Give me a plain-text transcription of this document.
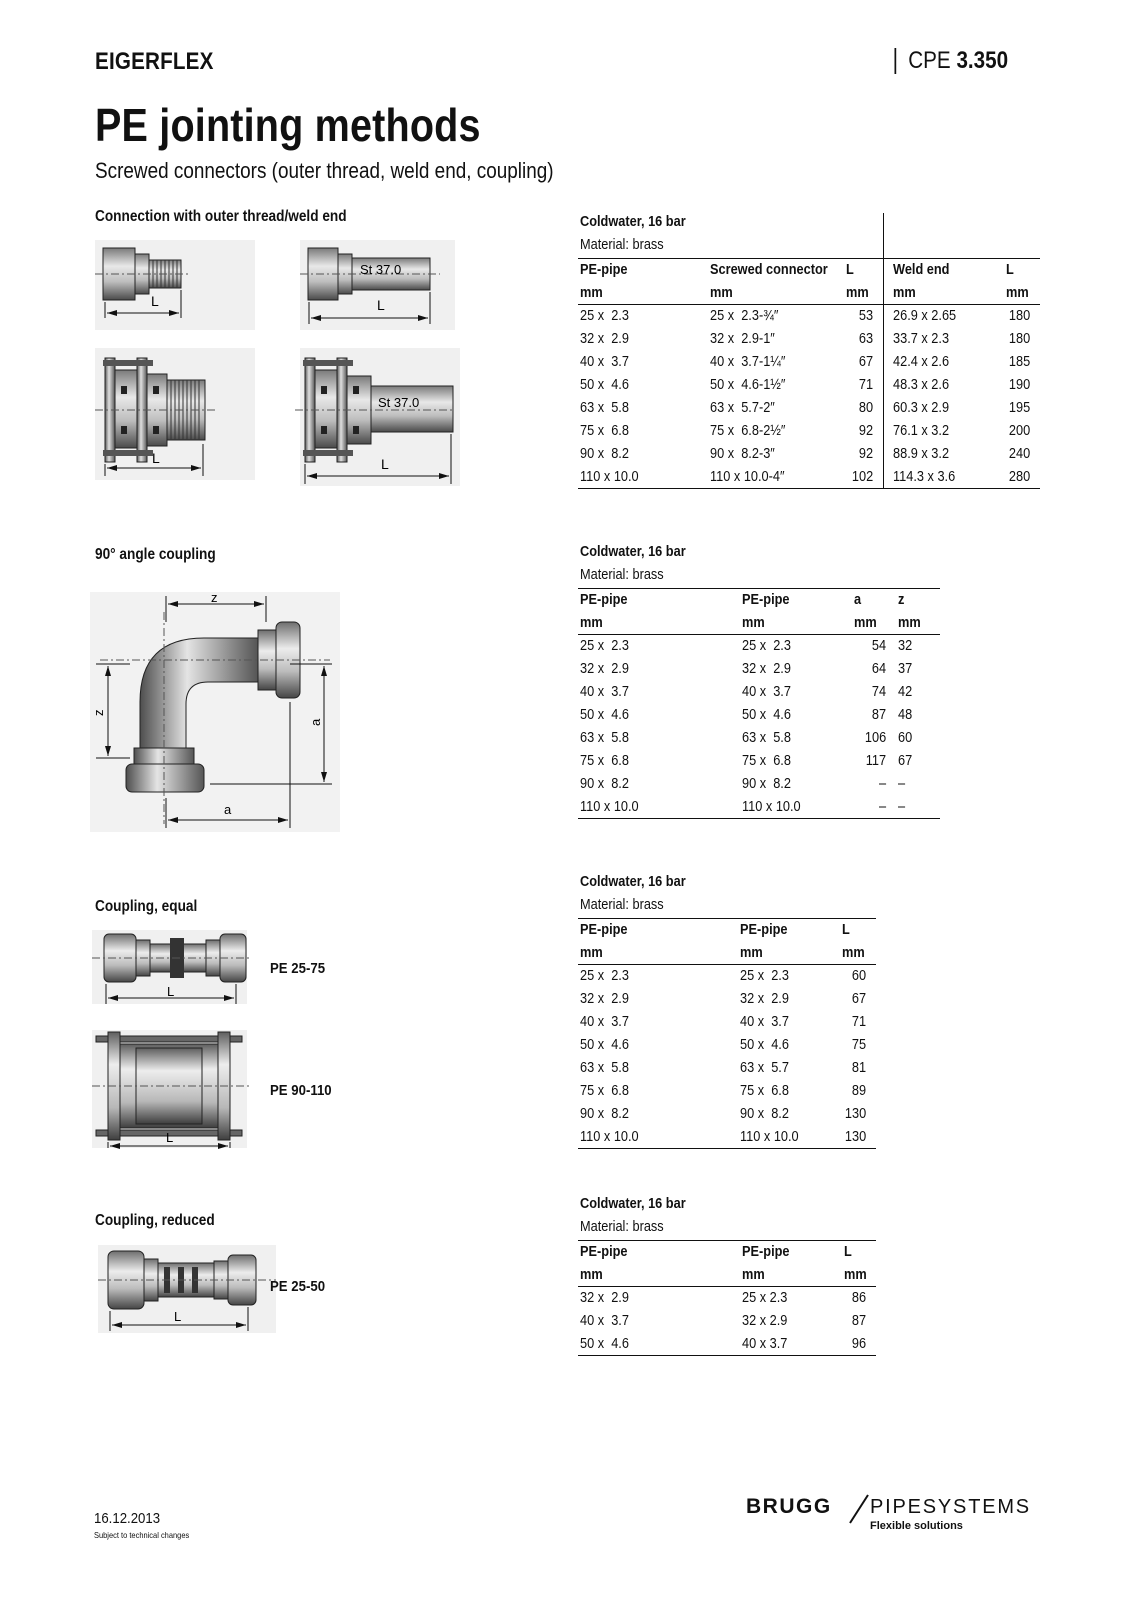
EIGERFLEX	CPE 3.350
PE jointing methods
Screwed connectors (outer thread, weld end, coupling)
Connection with outer thread/weld end
L
St 37.0
L
L
St 37.0
L
90° angle coupling
z
z
a
a
Coupling, equal
L
PE 25-75
L
PE 90-110
Coupling, reduced
L
PE 25-50
Coldwater, 16 bar
Material: brass
PE-pipe	Screwed connector	L	Weld end	L
mm	mm	mm	mm	mm
25 x  2.3	25 x  2.3-¾″	53	26.9 x 2.65	180
32 x  2.9	32 x  2.9-1″	63	33.7 x 2.3	180
40 x  3.7	40 x  3.7-1¼″	67	42.4 x 2.6	185
50 x  4.6	50 x  4.6-1½″	71	48.3 x 2.6	190
63 x  5.8	63 x  5.7-2″	80	60.3 x 2.9	195
75 x  6.8	75 x  6.8-2½″	92	76.1 x 3.2	200
90 x  8.2	90 x  8.2-3″	92	88.9 x 3.2	240
110 x 10.0	110 x 10.0-4″	102	114.3 x 3.6	280
Coldwater, 16 bar
Material: brass
PE-pipe	PE-pipe	a	z
mm	mm	mm	mm
25 x  2.3	25 x  2.3	54	32
32 x  2.9	32 x  2.9	64	37
40 x  3.7	40 x  3.7	74	42
50 x  4.6	50 x  4.6	87	48
63 x  5.8	63 x  5.8	106	60
75 x  6.8	75 x  6.8	117	67
90 x  8.2	90 x  8.2	–	–
110 x 10.0	110 x 10.0	–	–
Coldwater, 16 bar
Material: brass
PE-pipe	PE-pipe	L
mm	mm	mm
25 x  2.3	25 x  2.3	60
32 x  2.9	32 x  2.9	67
40 x  3.7	40 x  3.7	71
50 x  4.6	50 x  4.6	75
63 x  5.8	63 x  5.7	81
75 x  6.8	75 x  6.8	89
90 x  8.2	90 x  8.2	130
110 x 10.0	110 x 10.0	130
Coldwater, 16 bar
Material: brass
PE-pipe	PE-pipe	L
mm	mm	mm
32 x  2.9	25 x 2.3	86
40 x  3.7	32 x 2.9	87
50 x  4.6	40 x 3.7	96
16.12.2013
Subject to technical changes
BRUGG PIPESYSTEMS
Flexible solutions
